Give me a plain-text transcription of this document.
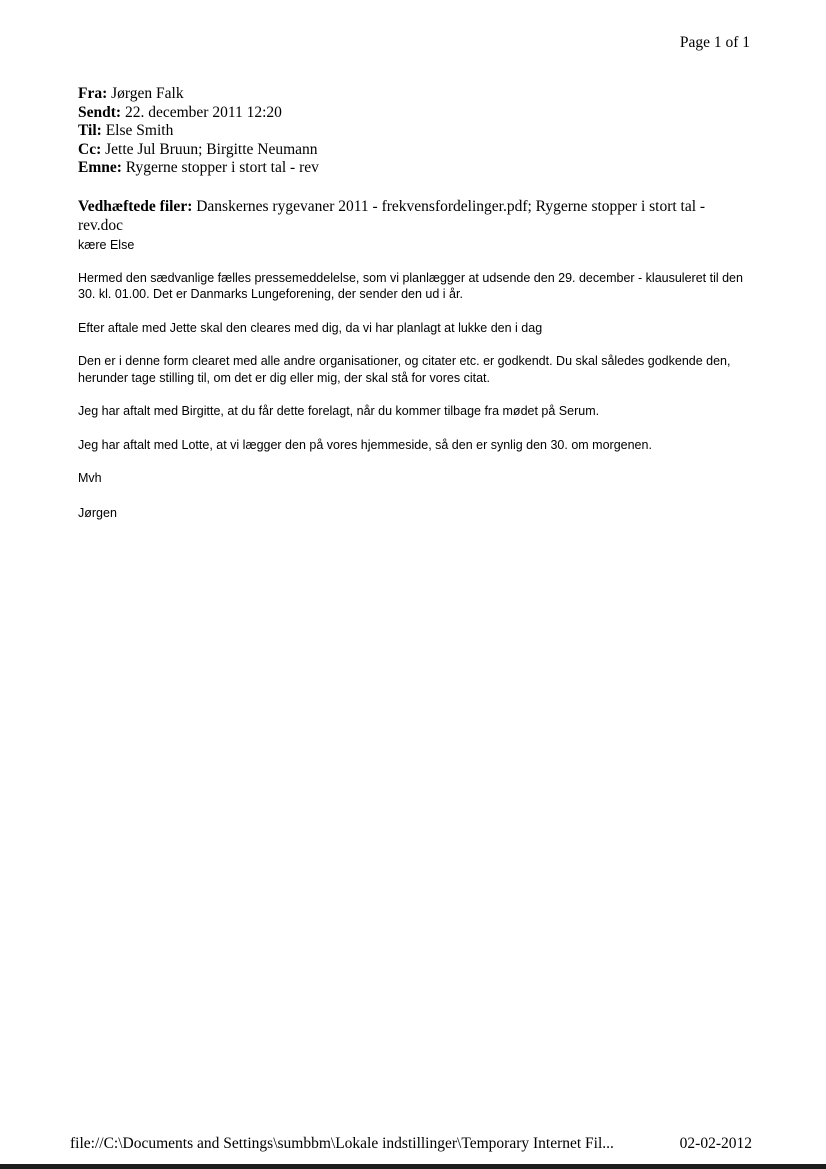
Page 1 of 1
Fra: Jørgen Falk
Sendt: 22. december 2011 12:20
Til: Else Smith
Cc: Jette Jul Bruun; Birgitte Neumann
Emne: Rygerne stopper i stort tal - rev
Vedhæftede filer: Danskernes rygevaner 2011 - frekvensfordelinger.pdf; Rygerne stopper i stort tal - rev.doc
kære Else
Hermed den sædvanlige fælles pressemeddelelse, som vi planlægger at udsende den 29. december - klausuleret til den 30. kl. 01.00. Det er Danmarks Lungeforening, der sender den ud i år.
Efter aftale med Jette skal den cleares med dig, da vi har planlagt at lukke den i dag
Den er i denne form clearet med alle andre organisationer, og citater etc. er godkendt. Du skal således godkende den, herunder tage stilling til, om det er dig eller mig, der skal stå for vores citat.
Jeg har aftalt med Birgitte, at du får dette forelagt, når du kommer tilbage fra mødet på Serum.
Jeg har aftalt med Lotte, at vi lægger den på vores hjemmeside, så den er synlig den 30. om morgenen.
Mvh
Jørgen
file://C:\Documents and Settings\sumbbm\Lokale indstillinger\Temporary Internet Fil...	02-02-2012
